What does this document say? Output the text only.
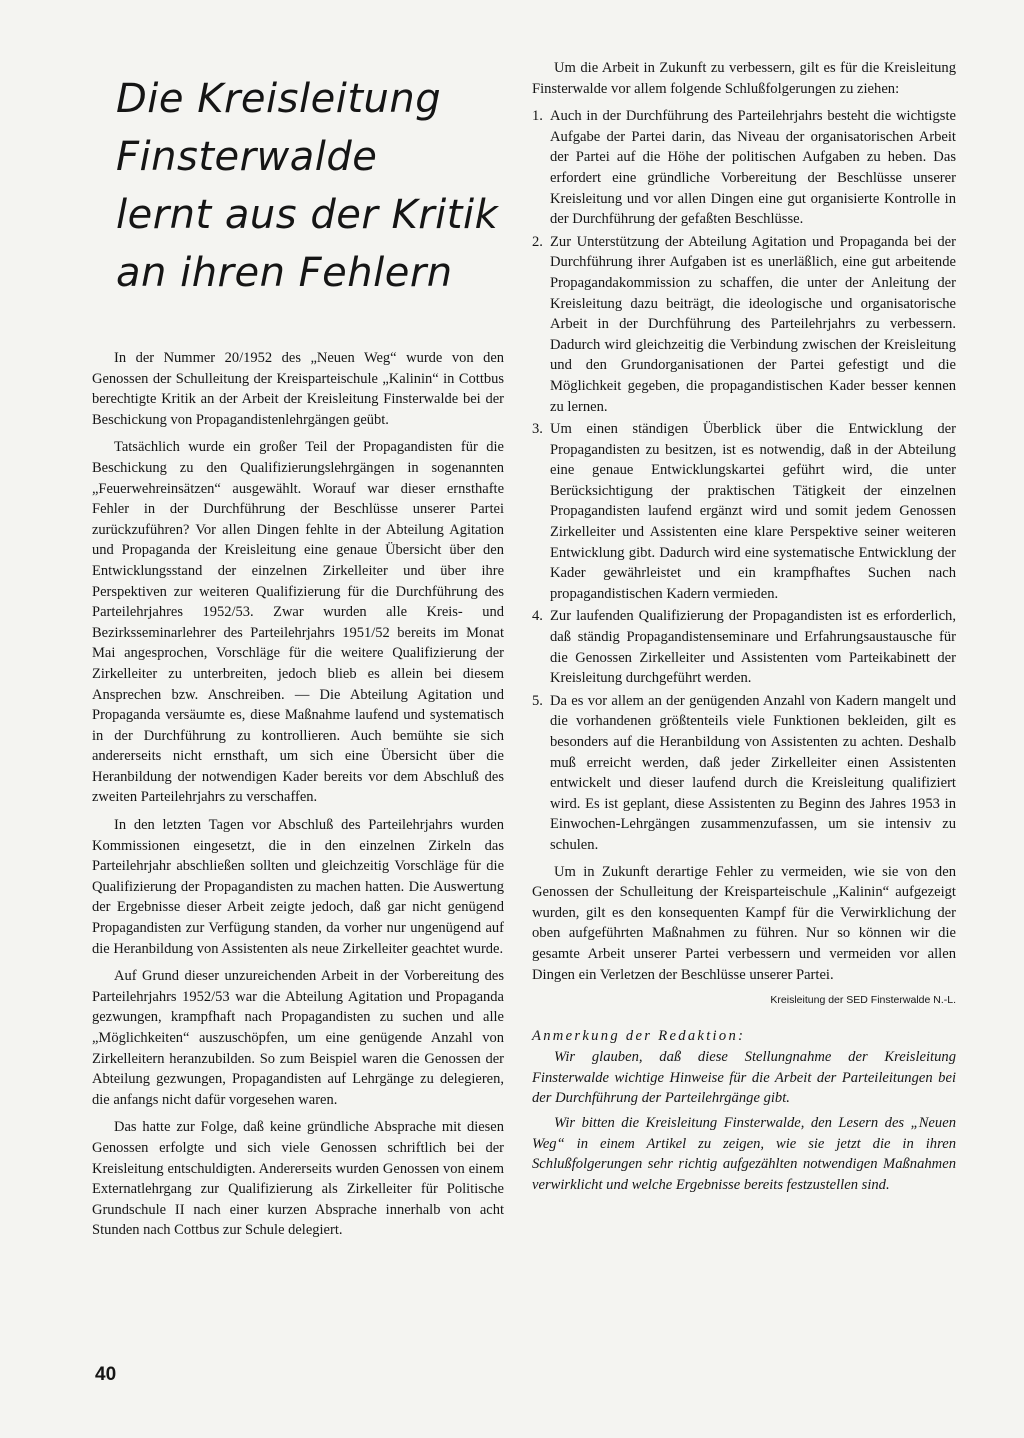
Die Kreisleitung
Finsterwalde
lernt aus der Kritik
an ihren Fehlern

In der Nummer 20/1952 des „Neuen Weg“ wurde von den Genossen der Schulleitung der Kreisparteischule „Kalinin“ in Cottbus berechtigte Kritik an der Arbeit der Kreisleitung Finsterwalde bei der Beschickung von Propagandistenlehrgängen geübt.

Tatsächlich wurde ein großer Teil der Propagandisten für die Beschickung zu den Qualifizierungslehrgängen in sogenannten „Feuerwehreinsätzen“ ausgewählt. Worauf war dieser ernsthafte Fehler in der Durchführung der Beschlüsse unserer Partei zurückzuführen? Vor allen Dingen fehlte in der Abteilung Agitation und Propaganda der Kreisleitung eine genaue Übersicht über den Entwicklungsstand der einzelnen Zirkelleiter und über ihre Perspektiven zur weiteren Qualifizierung für die Durchführung des Parteilehrjahres 1952/53. Zwar wurden alle Kreis- und Bezirksseminarlehrer des Parteilehrjahrs 1951/52 bereits im Monat Mai angesprochen, Vorschläge für die weitere Qualifizierung der Zirkelleiter zu unterbreiten, jedoch blieb es allein bei diesem Ansprechen bzw. Anschreiben. — Die Abteilung Agitation und Propaganda versäumte es, diese Maßnahme laufend und systematisch in der Durchführung zu kontrollieren. Auch bemühte sie sich andererseits nicht ernsthaft, um sich eine Übersicht über die Heranbildung der notwendigen Kader bereits vor dem Abschluß des zweiten Parteilehrjahrs zu verschaffen.

In den letzten Tagen vor Abschluß des Parteilehrjahrs wurden Kommissionen eingesetzt, die in den einzelnen Zirkeln das Parteilehrjahr abschließen sollten und gleichzeitig Vorschläge für die Qualifizierung der Propagandisten zu machen hatten. Die Auswertung der Ergebnisse dieser Arbeit zeigte jedoch, daß gar nicht genügend Propagandisten zur Verfügung standen, da vorher nur ungenügend auf die Heranbildung von Assistenten als neue Zirkelleiter geachtet wurde.

Auf Grund dieser unzureichenden Arbeit in der Vorbereitung des Parteilehrjahrs 1952/53 war die Abteilung Agitation und Propaganda gezwungen, krampfhaft nach Propagandisten zu suchen und alle „Möglichkeiten“ auszuschöpfen, um eine genügende Anzahl von Zirkelleitern heranzubilden. So zum Beispiel waren die Genossen der Abteilung gezwungen, Propagandisten auf Lehrgänge zu delegieren, die anfangs nicht dafür vorgesehen waren.

Das hatte zur Folge, daß keine gründliche Absprache mit diesen Genossen erfolgte und sich viele Genossen schriftlich bei der Kreisleitung entschuldigten. Andererseits wurden Genossen von einem Externatlehrgang zur Qualifizierung als Zirkelleiter für Politische Grundschule II nach einer kurzen Absprache innerhalb von acht Stunden nach Cottbus zur Schule delegiert.

Um die Arbeit in Zukunft zu verbessern, gilt es für die Kreisleitung Finsterwalde vor allem folgende Schlußfolgerungen zu ziehen:

1. Auch in der Durchführung des Parteilehrjahrs besteht die wichtigste Aufgabe der Partei darin, das Niveau der organisatorischen Arbeit der Partei auf die Höhe der politischen Aufgaben zu heben. Das erfordert eine gründliche Vorbereitung der Beschlüsse unserer Kreisleitung und vor allen Dingen eine gut organisierte Kontrolle in der Durchführung der gefaßten Beschlüsse.
2. Zur Unterstützung der Abteilung Agitation und Propaganda bei der Durchführung ihrer Aufgaben ist es unerläßlich, eine gut arbeitende Propagandakommission zu schaffen, die unter der Anleitung der Kreisleitung dazu beiträgt, die ideologische und organisatorische Arbeit in der Durchführung des Parteilehrjahrs zu verbessern. Dadurch wird gleichzeitig die Verbindung zwischen der Kreisleitung und den Grundorganisationen der Partei gefestigt und die Möglichkeit gegeben, die propagandistischen Kader besser kennen zu lernen.
3. Um einen ständigen Überblick über die Entwicklung der Propagandisten zu besitzen, ist es notwendig, daß in der Abteilung eine genaue Entwicklungskartei geführt wird, die unter Berücksichtigung der praktischen Tätigkeit der einzelnen Propagandisten laufend ergänzt wird und somit jedem Genossen Zirkelleiter und Assistenten eine klare Perspektive seiner weiteren Entwicklung gibt. Dadurch wird eine systematische Entwicklung der Kader gewährleistet und ein krampfhaftes Suchen nach propagandistischen Kadern vermieden.
4. Zur laufenden Qualifizierung der Propagandisten ist es erforderlich, daß ständig Propagandistenseminare und Erfahrungsaustausche für die Genossen Zirkelleiter und Assistenten vom Parteikabinett der Kreisleitung durchgeführt werden.
5. Da es vor allem an der genügenden Anzahl von Kadern mangelt und die vorhandenen größtenteils viele Funktionen bekleiden, gilt es besonders auf die Heranbildung von Assistenten zu achten. Deshalb muß erreicht werden, daß jeder Zirkelleiter einen Assistenten entwickelt und dieser laufend durch die Kreisleitung qualifiziert wird. Es ist geplant, diese Assistenten zu Beginn des Jahres 1953 in Einwochen-Lehrgängen zusammenzufassen, um sie intensiv zu schulen.

Um in Zukunft derartige Fehler zu vermeiden, wie sie von den Genossen der Schulleitung der Kreisparteischule „Kalinin“ aufgezeigt wurden, gilt es den konsequenten Kampf für die Verwirklichung der oben aufgeführten Maßnahmen zu führen. Nur so können wir die gesamte Arbeit unserer Partei verbessern und vermeiden vor allen Dingen ein Verletzen der Beschlüsse unserer Partei.

Kreisleitung der SED Finsterwalde N.-L.
Anmerkung der Redaktion:

Wir glauben, daß diese Stellungnahme der Kreisleitung Finsterwalde wichtige Hinweise für die Arbeit der Parteileitungen bei der Durchführung der Parteilehrgänge gibt.

Wir bitten die Kreisleitung Finsterwalde, den Lesern des „Neuen Weg“ in einem Artikel zu zeigen, wie sie jetzt die in ihren Schlußfolgerungen sehr richtig aufgezählten notwendigen Maßnahmen verwirklicht und welche Ergebnisse bereits festzustellen sind.

40
